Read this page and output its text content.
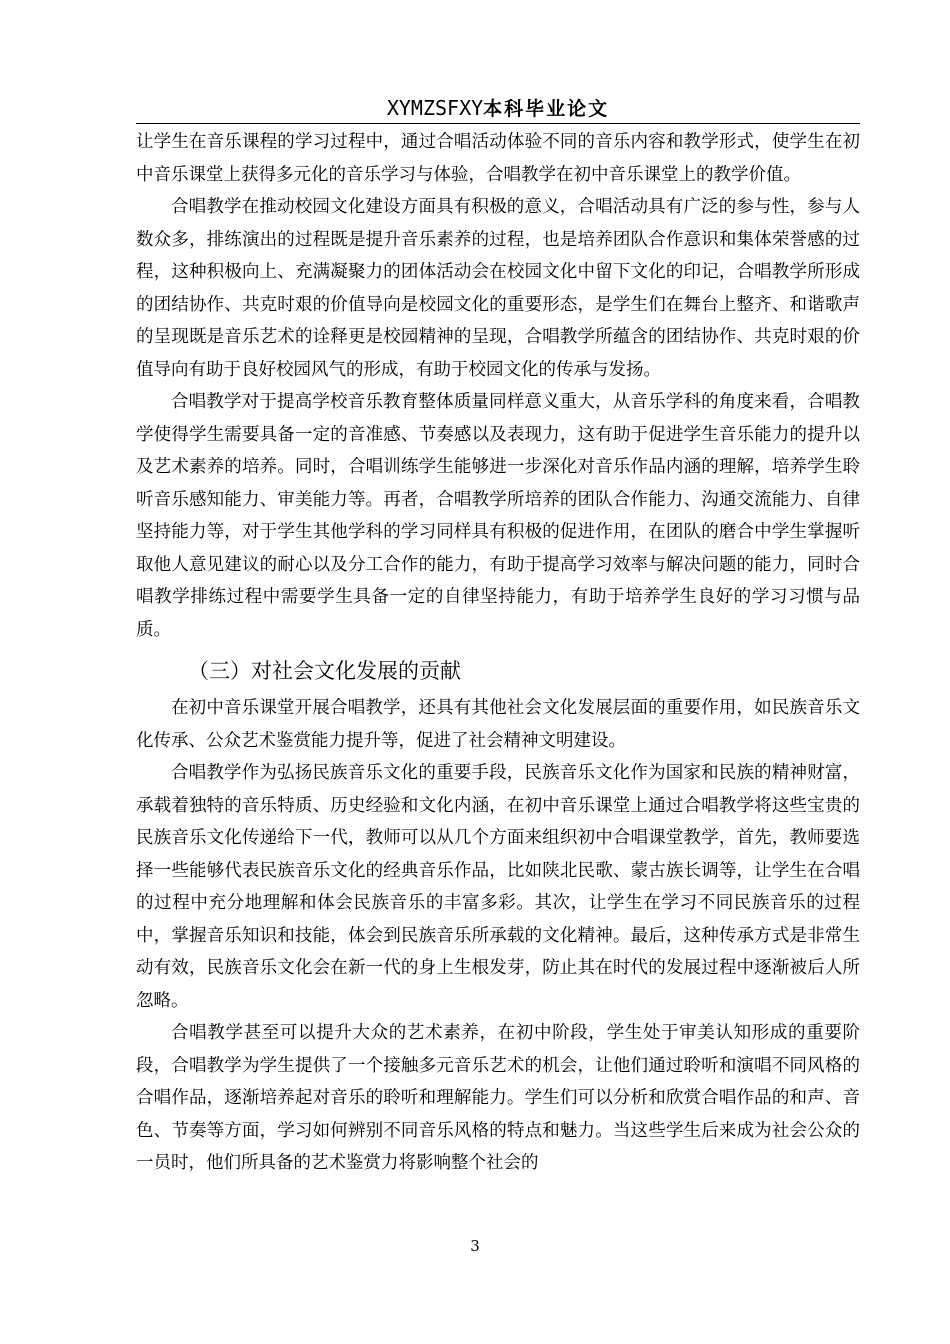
XYMZSFXY本科毕业论文

让学生在音乐课程的学习过程中，通过合唱活动体验不同的音乐内容和教学形式，使学生在初中音乐课堂上获得多元化的音乐学习与体验，合唱教学在初中音乐课堂上的教学价值。

合唱教学在推动校园文化建设方面具有积极的意义，合唱活动具有广泛的参与性，参与人数众多，排练演出的过程既是提升音乐素养的过程，也是培养团队合作意识和集体荣誉感的过程，这种积极向上、充满凝聚力的团体活动会在校园文化中留下文化的印记，合唱教学所形成的团结协作、共克时艰的价值导向是校园文化的重要形态，是学生们在舞台上整齐、和谐歌声的呈现既是音乐艺术的诠释更是校园精神的呈现，合唱教学所蕴含的团结协作、共克时艰的价值导向有助于良好校园风气的形成，有助于校园文化的传承与发扬。

合唱教学对于提高学校音乐教育整体质量同样意义重大，从音乐学科的角度来看，合唱教学使得学生需要具备一定的音准感、节奏感以及表现力，这有助于促进学生音乐能力的提升以及艺术素养的培养。同时，合唱训练学生能够进一步深化对音乐作品内涵的理解，培养学生聆听音乐感知能力、审美能力等。再者，合唱教学所培养的团队合作能力、沟通交流能力、自律坚持能力等，对于学生其他学科的学习同样具有积极的促进作用，在团队的磨合中学生掌握听取他人意见建议的耐心以及分工合作的能力，有助于提高学习效率与解决问题的能力，同时合唱教学排练过程中需要学生具备一定的自律坚持能力，有助于培养学生良好的学习习惯与品质。

（三）对社会文化发展的贡献

在初中音乐课堂开展合唱教学，还具有其他社会文化发展层面的重要作用，如民族音乐文化传承、公众艺术鉴赏能力提升等，促进了社会精神文明建设。

合唱教学作为弘扬民族音乐文化的重要手段，民族音乐文化作为国家和民族的精神财富，承载着独特的音乐特质、历史经验和文化内涵，在初中音乐课堂上通过合唱教学将这些宝贵的民族音乐文化传递给下一代，教师可以从几个方面来组织初中合唱课堂教学，首先，教师要选择一些能够代表民族音乐文化的经典音乐作品，比如陕北民歌、蒙古族长调等，让学生在合唱的过程中充分地理解和体会民族音乐的丰富多彩。其次，让学生在学习不同民族音乐的过程中，掌握音乐知识和技能，体会到民族音乐所承载的文化精神。最后，这种传承方式是非常生动有效，民族音乐文化会在新一代的身上生根发芽，防止其在时代的发展过程中逐渐被后人所忽略。

合唱教学甚至可以提升大众的艺术素养，在初中阶段，学生处于审美认知形成的重要阶段，合唱教学为学生提供了一个接触多元音乐艺术的机会，让他们通过聆听和演唱不同风格的合唱作品，逐渐培养起对音乐的聆听和理解能力。学生们可以分析和欣赏合唱作品的和声、音色、节奏等方面，学习如何辨别不同音乐风格的特点和魅力。当这些学生后来成为社会公众的一员时，他们所具备的艺术鉴赏力将影响整个社会的

3
